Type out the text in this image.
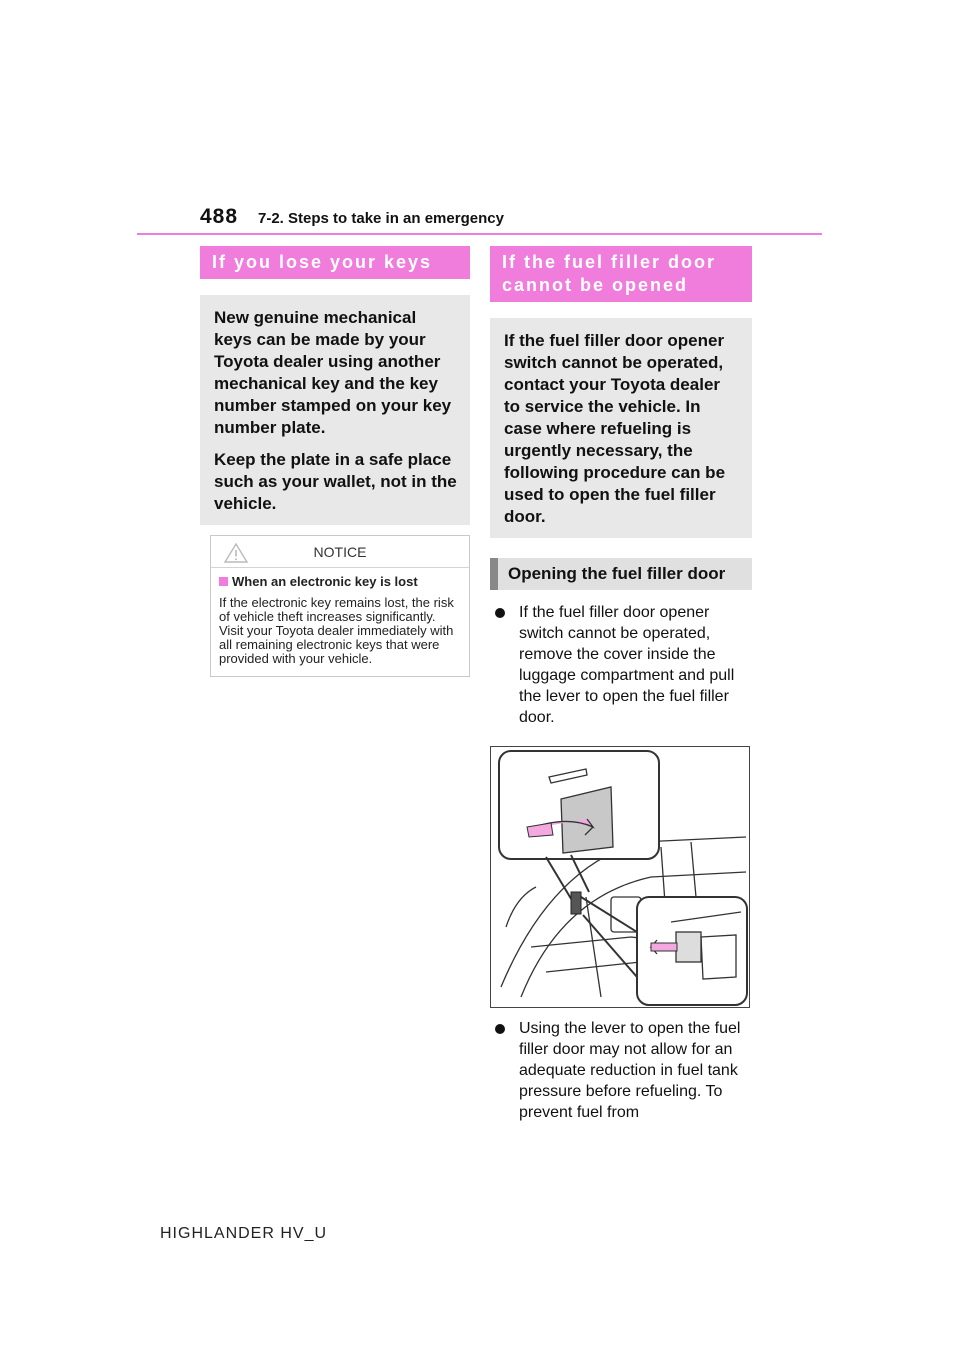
488 7-2. Steps to take in an emergency
If you lose your keys

New genuine mechanical keys can be made by your Toyota dealer using another mechanical key and the key number stamped on your key number plate.

Keep the plate in a safe place such as your wallet, not in the vehicle.

NOTICE
When an electronic key is lost
If the electronic key remains lost, the risk of vehicle theft increases significantly. Visit your Toyota dealer immediately with all remaining electronic keys that were provided with your vehicle.
If the fuel filler door cannot be opened

If the fuel filler door opener switch cannot be operated, contact your Toyota dealer to service the vehicle. In case where refueling is urgently necessary, the following procedure can be used to open the fuel filler door.

Opening the fuel filler door
If the fuel filler door opener switch cannot be operated, remove the cover inside the luggage compartment and pull the lever to open the fuel filler door.
Using the lever to open the fuel filler door may not allow for an adequate reduction in fuel tank pressure before refueling. To prevent fuel from
HIGHLANDER HV_U
